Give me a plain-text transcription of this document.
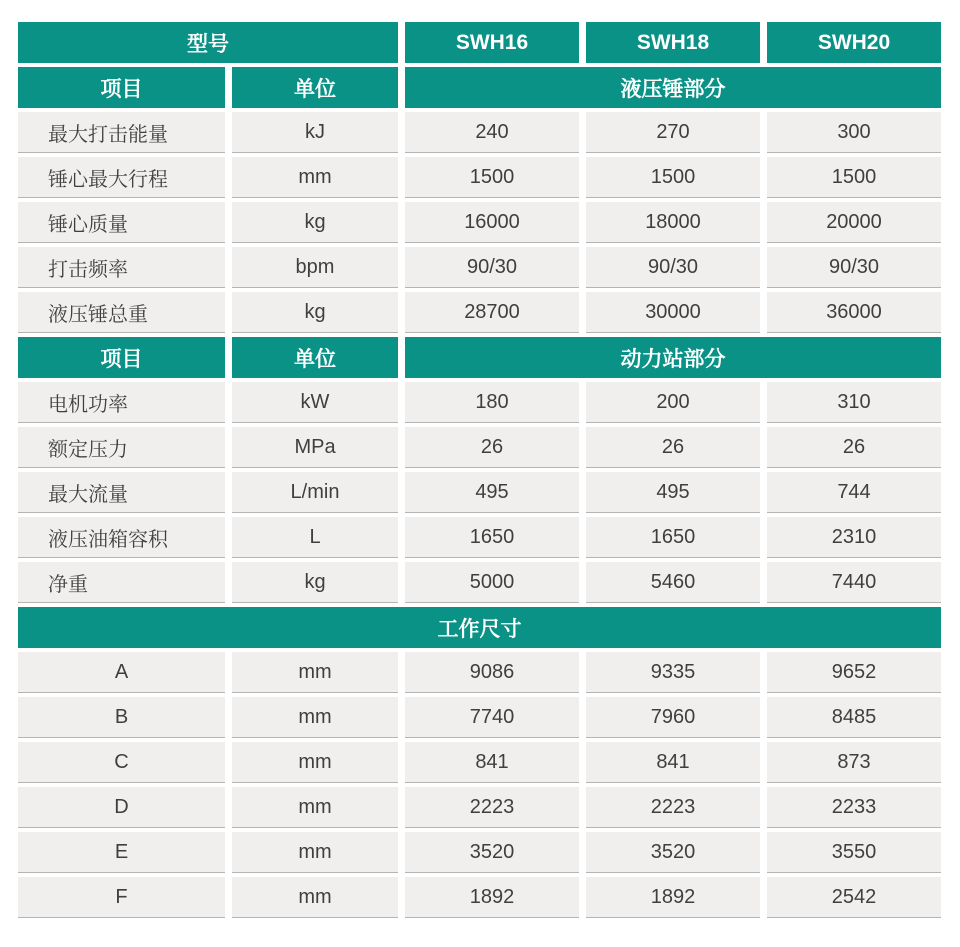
型号		SWH16	SWH18	SWH20
项目	单位	液压锤部分		
最大打击能量	kJ	240	270	300
锤心最大行程	mm	1500	1500	1500
锤心质量	kg	16000	18000	20000
打击频率	bpm	90/30	90/30	90/30
液压锤总重	kg	28700	30000	36000
项目	单位	动力站部分		
电机功率	kW	180	200	310
额定压力	MPa	26	26	26
最大流量	L/min	495	495	744
液压油箱容积	L	1650	1650	2310
净重	kg	5000	5460	7440
工作尺寸				
A	mm	9086	9335	9652
B	mm	7740	7960	8485
C	mm	841	841	873
D	mm	2223	2223	2233
E	mm	3520	3520	3550
F	mm	1892	1892	2542
